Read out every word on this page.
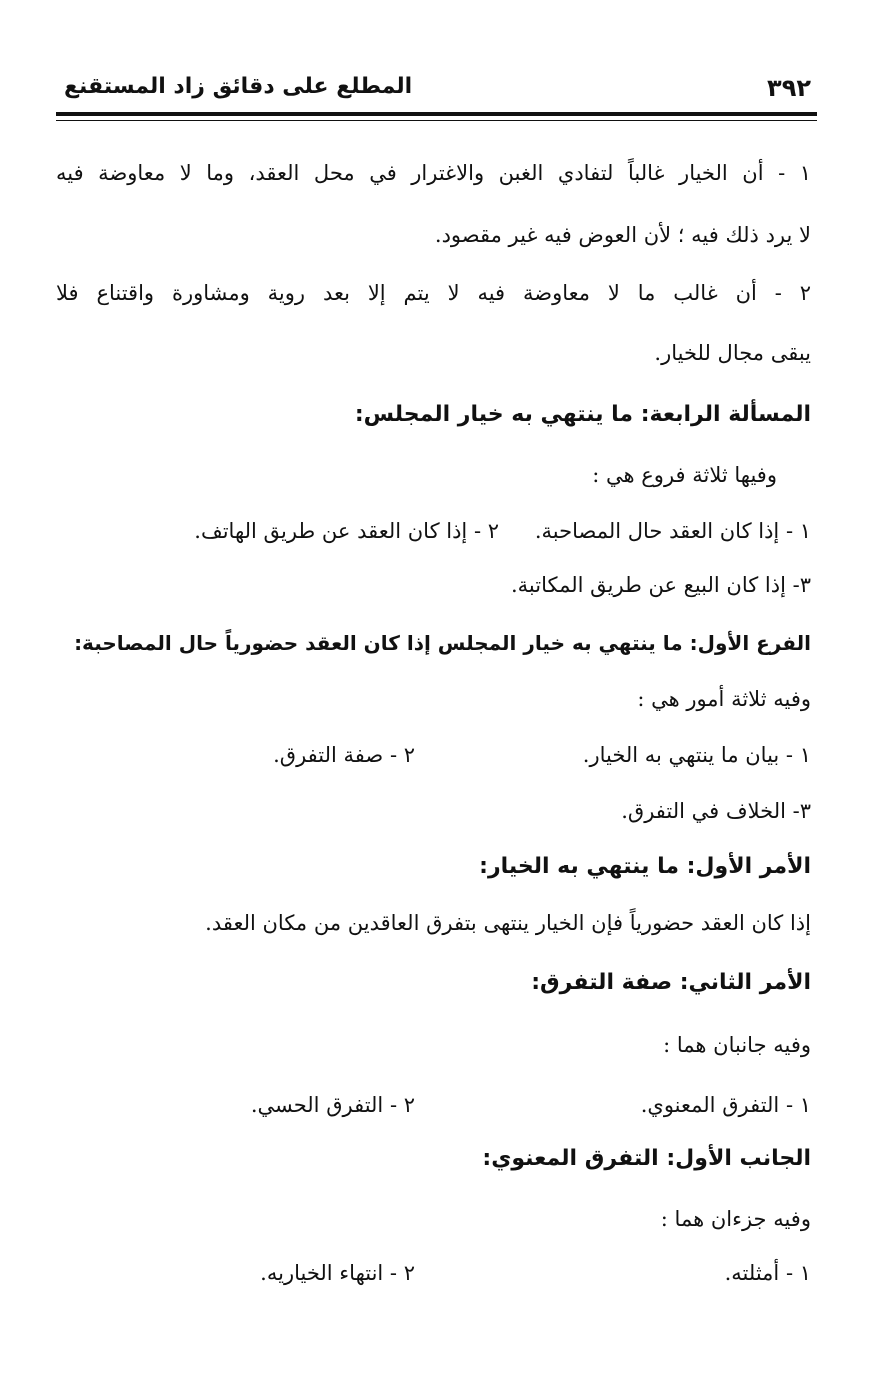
٣٩٢
المطلع على دقائق زاد المستقنع
١ - أن الخيار غالباً لتفادي الغبن والاغترار في محل العقد، وما لا معاوضة فيه
لا يرد ذلك فيه ؛ لأن العوض فيه غير مقصود.
٢ - أن غالب ما لا معاوضة فيه لا يتم إلا بعد روية ومشاورة واقتناع فلا
يبقى مجال للخيار.
المسألة الرابعة: ما ينتهي به خيار المجلس:
وفيها ثلاثة فروع هي :
١ - إذا كان العقد حال المصاحبة.
٢ - إذا كان العقد عن طريق الهاتف.
٣- إذا كان البيع عن طريق المكاتبة.
الفرع الأول: ما ينتهي به خيار المجلس إذا كان العقد حضورياً حال المصاحبة:
وفيه ثلاثة أمور هي :
١ - بيان ما ينتهي به الخيار.
٢ - صفة التفرق.
٣- الخلاف في التفرق.
الأمر الأول: ما ينتهي به الخيار:
إذا كان العقد حضورياً فإن الخيار ينتهى بتفرق العاقدين من مكان العقد.
الأمر الثاني: صفة التفرق:
وفيه جانبان هما :
١ - التفرق المعنوي.
٢ - التفرق الحسي.
الجانب الأول: التفرق المعنوي:
وفيه جزءان هما :
١ - أمثلته.
٢ - انتهاء الخياريه.
